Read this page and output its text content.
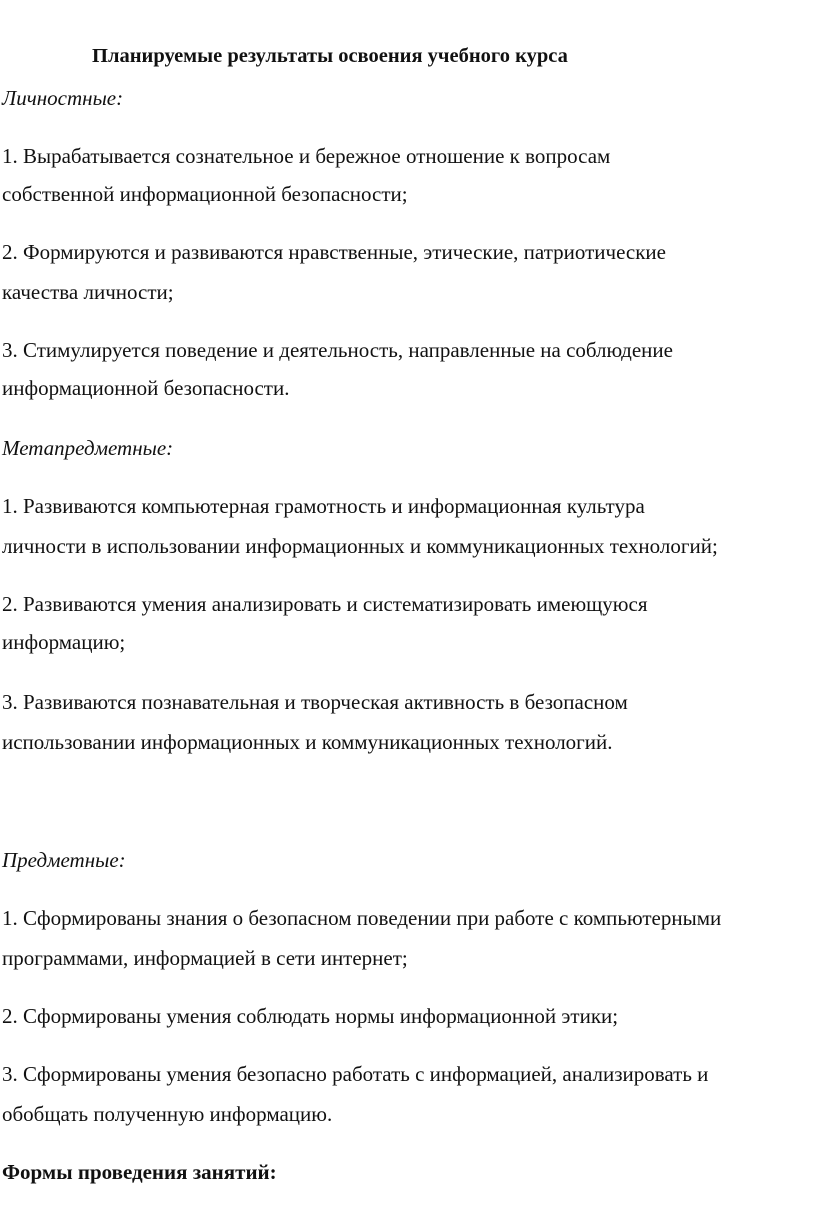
Планируемые результаты освоения учебного курса
Личностные:
1. Вырабатывается сознательное и бережное отношение к вопросам
собственной информационной безопасности;
2. Формируются и развиваются нравственные, этические, патриотические
качества личности;
3. Стимулируется поведение и деятельность, направленные на соблюдение
информационной безопасности.
Метапредметные:
1. Развиваются компьютерная грамотность и информационная культура
личности в использовании информационных и коммуникационных технологий;
2. Развиваются умения анализировать и систематизировать имеющуюся
информацию;
3. Развиваются познавательная и творческая активность в безопасном
использовании информационных и коммуникационных технологий.
Предметные:
1. Сформированы знания о безопасном поведении при работе с компьютерными
программами, информацией в сети интернет;
2. Сформированы умения соблюдать нормы информационной этики;
3. Сформированы умения безопасно работать с информацией, анализировать и
обобщать полученную информацию.
Формы проведения занятий:
